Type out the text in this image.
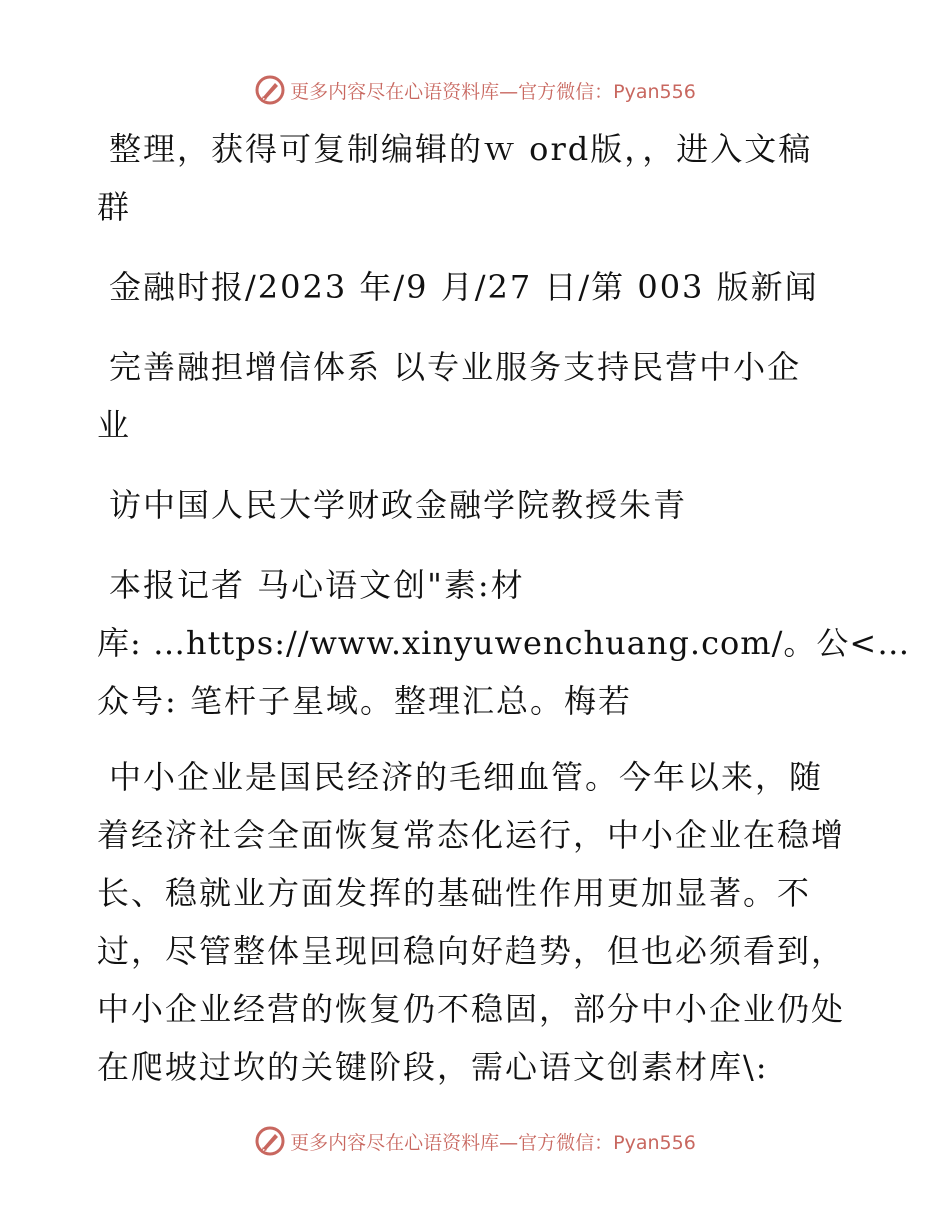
更多内容尽在心语资料库—官方微信：Pyan556

整理，获得可复制编辑的ｗ ord版，，进入文稿
群

金融时报/2023 年/9 月/27 日/第 003 版新闻

完善融担增信体系 以专业服务支持民营中小企
业

访中国人民大学财政金融学院教授朱青

本报记者 马心语文创"素:材
库: …https://www.xinyuwenchuang.com/。公<…
众号: 笔杆子星域。整理汇总。梅若

中小企业是国民经济的毛细血管。今年以来，随
着经济社会全面恢复常态化运行，中小企业在稳增
长、稳就业方面发挥的基础性作用更加显著。不
过，尽管整体呈现回稳向好趋势，但也必须看到，
中小企业经营的恢复仍不稳固，部分中小企业仍处
在爬坡过坎的关键阶段，需心语文创素材库\:

更多内容尽在心语资料库—官方微信：Pyan556
